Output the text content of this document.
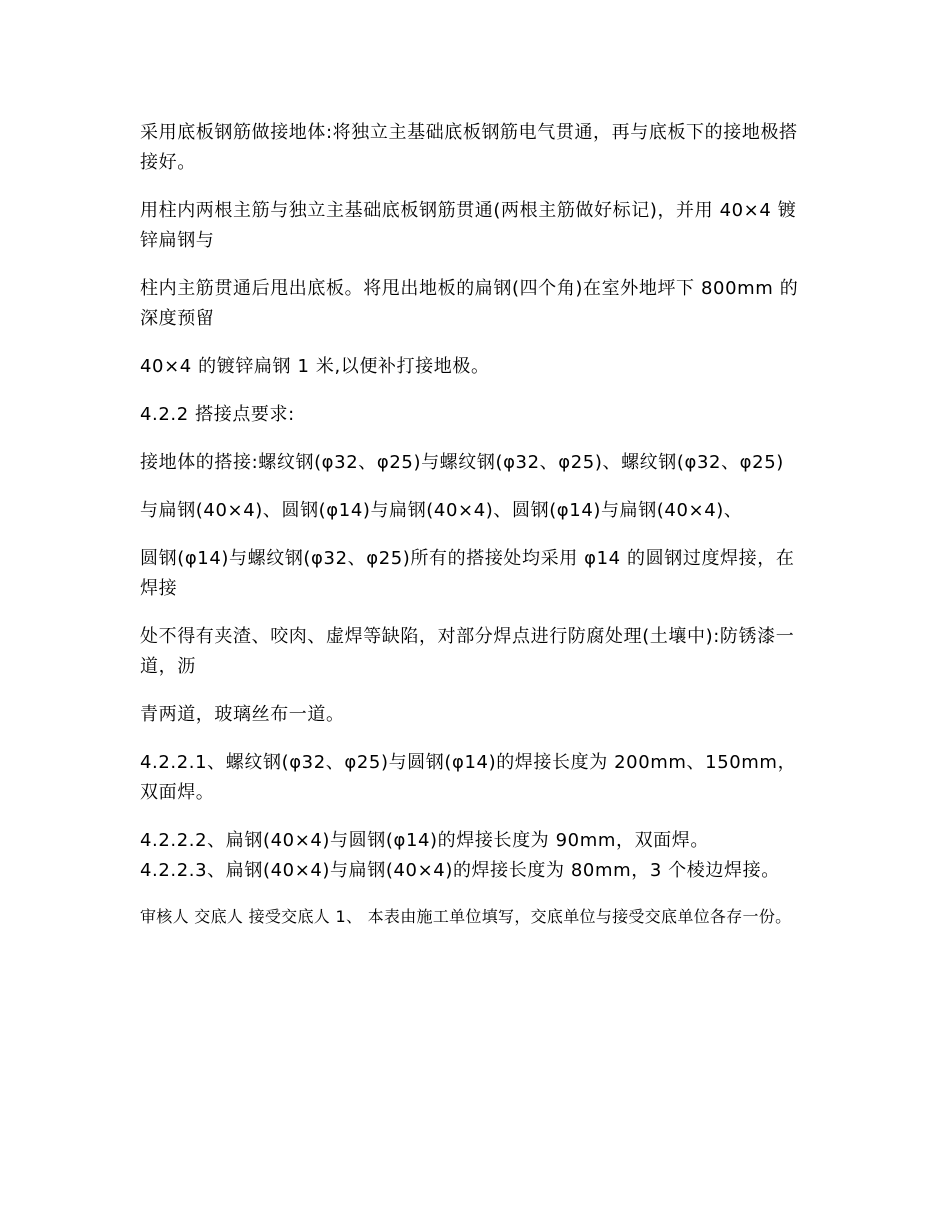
采用底板钢筋做接地体:将独立主基础底板钢筋电气贯通，再与底板下的接地极搭接好。

用柱内两根主筋与独立主基础底板钢筋贯通(两根主筋做好标记)，并用 40×4 镀锌扁钢与

柱内主筋贯通后甩出底板。将甩出地板的扁钢(四个角)在室外地坪下 800mm 的深度预留

40×4 的镀锌扁钢 1 米,以便补打接地极。

4.2.2 搭接点要求:

接地体的搭接:螺纹钢(φ32、φ25)与螺纹钢(φ32、φ25)、螺纹钢(φ32、φ25)

与扁钢(40×4)、圆钢(φ14)与扁钢(40×4)、圆钢(φ14)与扁钢(40×4)、

圆钢(φ14)与螺纹钢(φ32、φ25)所有的搭接处均采用 φ14 的圆钢过度焊接，在焊接

处不得有夹渣、咬肉、虚焊等缺陷，对部分焊点进行防腐处理(土壤中):防锈漆一道，沥

青两道，玻璃丝布一道。

4.2.2.1、螺纹钢(φ32、φ25)与圆钢(φ14)的焊接长度为 200mm、150mm，双面焊。

4.2.2.2、扁钢(40×4)与圆钢(φ14)的焊接长度为 90mm，双面焊。

4.2.2.3、扁钢(40×4)与扁钢(40×4)的焊接长度为 80mm，3 个棱边焊接。

审核人 交底人 接受交底人 1、 本表由施工单位填写，交底单位与接受交底单位各存一份。
